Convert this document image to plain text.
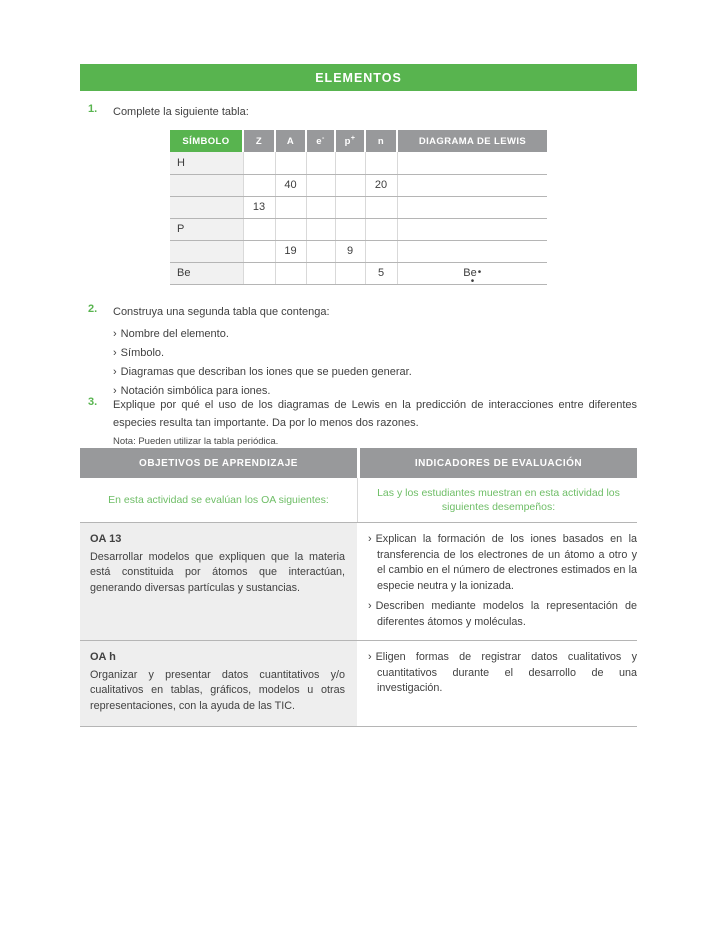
ELEMENTOS
1.	Complete la siguiente tabla:
SÍMBOLO	Z	A	e-	p+	n	DIAGRAMA DE LEWIS
H						
		40			20	
	13					
P						
		19		9		
Be					5	Be•
•
2.	Construya una segunda tabla que contenga:
› Nombre del elemento.
› Símbolo.
› Diagramas que describan los iones que se pueden generar.
› Notación simbólica para iones.
3.	Explique por qué el uso de los diagramas de Lewis en la predicción de interacciones entre diferentes especies resulta tan importante. Da por lo menos dos razones.
Nota: Pueden utilizar la tabla periódica.
OBJETIVOS DE APRENDIZAJE	INDICADORES DE EVALUACIÓN
En esta actividad se evalúan los OA siguientes:
Las y los estudiantes muestran en esta actividad los siguientes desempeños:
OA 13
Desarrollar modelos que expliquen que la materia está constituida por átomos que interactúan, generando diversas partículas y sustancias.
› Explican la formación de los iones basados en la transferencia de los electrones de un átomo a otro y el cambio en el número de electrones estimados en la especie neutra y la ionizada.
› Describen mediante modelos la representación de diferentes átomos y moléculas.
OA h
Organizar y presentar datos cuantitativos y/o cualitativos en tablas, gráficos, modelos u otras representaciones, con la ayuda de las TIC.
› Eligen formas de registrar datos cualitativos y cuantitativos durante el desarrollo de una investigación.
